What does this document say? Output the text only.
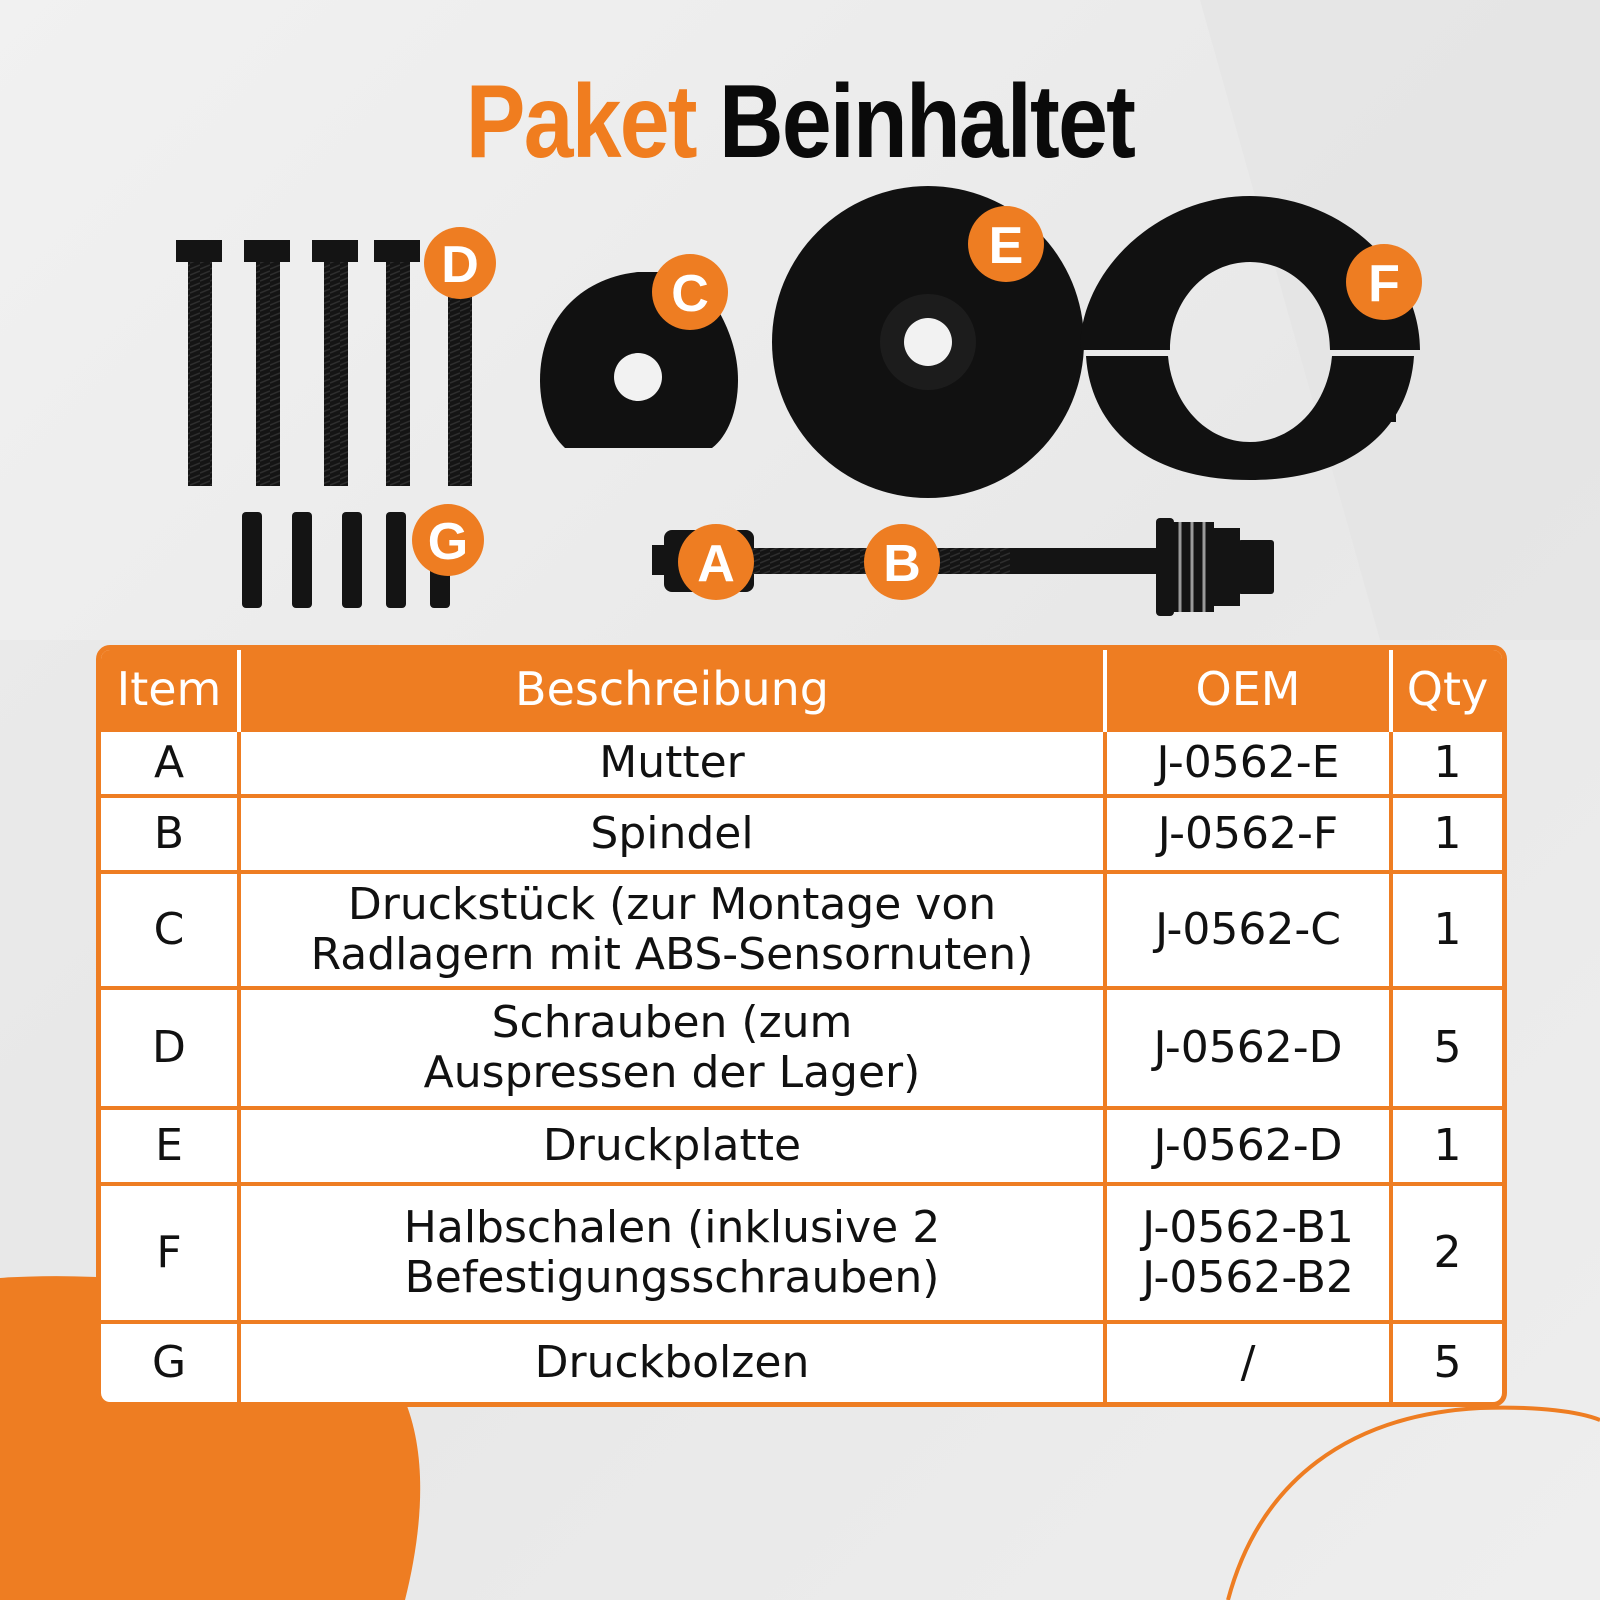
Paket Beinhaltet
D	C
E
F
G	A	B
Item	Beschreibung	OEM	Qty
A	Mutter	J-0562-E	1
B	Spindel	J-0562-F	1
C	Druckstück (zur Montage von
Radlagern mit ABS-Sensornuten)	J-0562-C	1
D	Schrauben (zum
Auspressen der Lager)	J-0562-D	5
E	Druckplatte	J-0562-D	1
F	Halbschalen (inklusive 2
Befestigungsschrauben)	J-0562-B1
J-0562-B2	2
G	Druckbolzen	/	5
